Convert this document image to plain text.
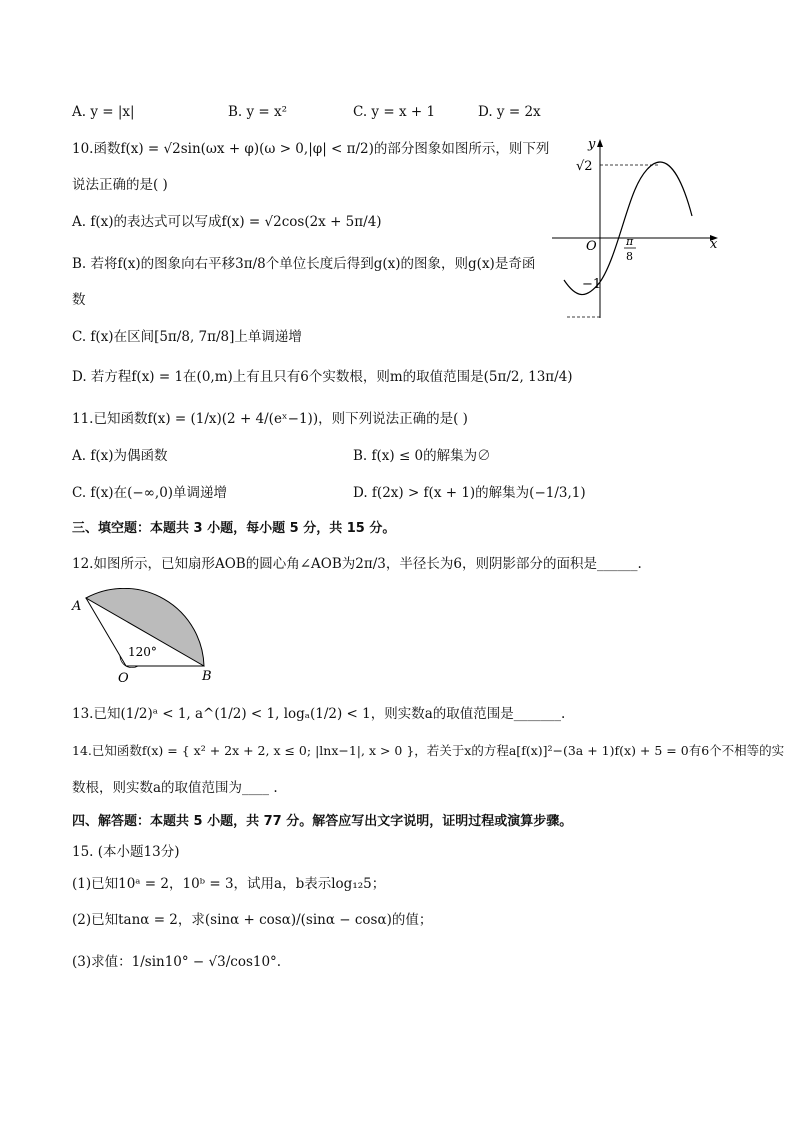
A. y = |x|	B. y = x²	C. y = x + 1	D. y = 2x
10.函数f(x) = √2sin(ωx + φ)(ω > 0,|φ| < π/2)的部分图象如图所示，则下列
说法正确的是( )
A. f(x)的表达式可以写成f(x) = √2cos(2x + 5π/4)
B. 若将f(x)的图象向右平移3π/8个单位长度后得到g(x)的图象，则g(x)是奇函
数
C. f(x)在区间[5π/8, 7π/8]上单调递增
D. 若方程f(x) = 1在(0,m)上有且只有6个实数根，则m的取值范围是(5π/2, 13π/4)
y
x
O
√2
−1
π
8
11.已知函数f(x) = (1/x)(2 + 4/(eˣ−1))，则下列说法正确的是( )
A. f(x)为偶函数	B. f(x) ≤ 0的解集为∅
C. f(x)在(−∞,0)单调递增	D. f(2x) > f(x + 1)的解集为(−1/3,1)
三、填空题：本题共 3 小题，每小题 5 分，共 15 分。
12.如图所示，已知扇形AOB的圆心角∠AOB为2π/3，半径长为6，则阴影部分的面积是______.
A
B
O
120°
13.已知(1/2)ᵃ < 1, a^(1/2) < 1, logₐ(1/2) < 1，则实数a的取值范围是_______.
14.已知函数f(x) = { x² + 2x + 2, x ≤ 0; |lnx−1|, x > 0 }，若关于x的方程a[f(x)]²−(3a + 1)f(x) + 5 = 0有6个不相等的实
数根，则实数a的取值范围为____ .
四、解答题：本题共 5 小题，共 77 分。解答应写出文字说明，证明过程或演算步骤。
15. (本小题13分)
(1)已知10ᵃ = 2，10ᵇ = 3，试用a，b表示log₁₂5；
(2)已知tanα = 2，求(sinα + cosα)/(sinα − cosα)的值；
(3)求值：1/sin10° − √3/cos10°.
